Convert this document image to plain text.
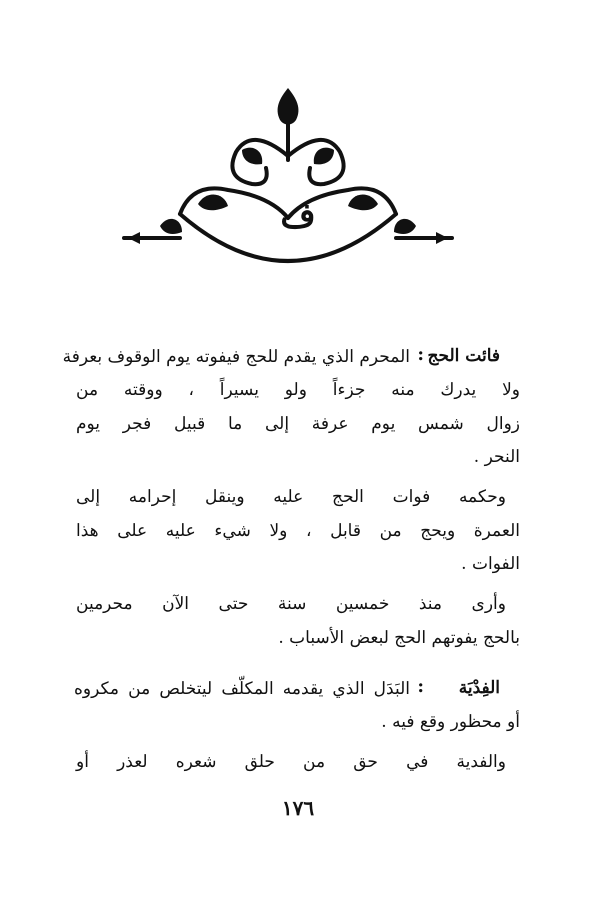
ف
فائت الحج
:
المحرم الذي يقدم للحج فيفوته يوم الوقوف بعرفة
ولا يدرك منه جزءاً ولو يسيراً ، ووقته من
زوال شمس يوم عرفة إلى ما قبيل فجر يوم
النحر .
وحكمه فوات الحج عليه وينقل إحرامه إلى
العمرة ويحج من قابل ، ولا شيء عليه على هذا
الفوات .
وأرى منذ خمسين سنة حتى الآن محرمين
بالحج يفوتهم الحج لبعض الأسباب .
الفِدْيَة
:
البَدَل الذي يقدمه المكلّف ليتخلص من مكروه
أو محظور وقع فيه .
والفدية في حق من حلق شعره لعذر أو
١٧٦
